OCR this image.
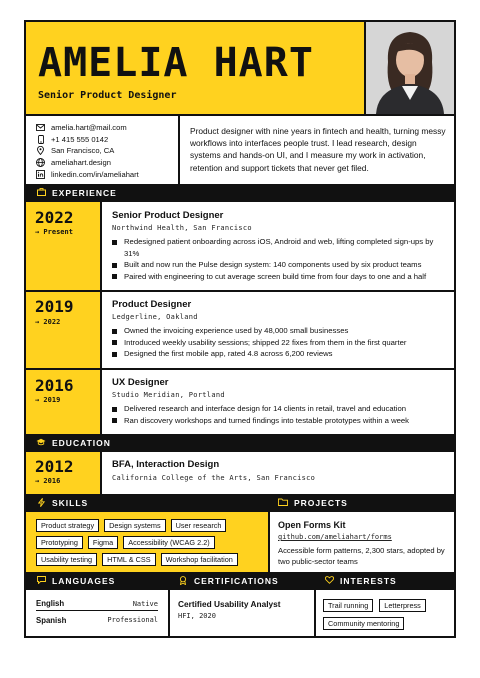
AMELIA HART
Senior Product Designer
amelia.hart@mail.com
+1 415 555 0142
San Francisco, CA
ameliahart.design
linkedin.com/in/ameliahart
Product designer with nine years in fintech and health, turning messy workflows into interfaces people trust. I lead research, design systems and hands-on UI, and I measure my work in activation, retention and support tickets that never get filed.
EXPERIENCE
2022
→ Present
Senior Product Designer
Northwind Health, San Francisco
Redesigned patient onboarding across iOS, Android and web, lifting completed sign-ups by 31%
Built and now run the Pulse design system: 140 components used by six product teams
Paired with engineering to cut average screen build time from four days to one and a half
2019
→ 2022
Product Designer
Ledgerline, Oakland
Owned the invoicing experience used by 48,000 small businesses
Introduced weekly usability sessions; shipped 22 fixes from them in the first quarter
Designed the first mobile app, rated 4.8 across 6,200 reviews
2016
→ 2019
UX Designer
Studio Meridian, Portland
Delivered research and interface design for 14 clients in retail, travel and education
Ran discovery workshops and turned findings into testable prototypes within a week
EDUCATION
2012
→ 2016
BFA, Interaction Design
California College of the Arts, San Francisco
SKILLS	PROJECTS
Product strategy	Design systems	User research
Prototyping	Figma	Accessibility (WCAG 2.2)
Usability testing	HTML & CSS	Workshop facilitation
Open Forms Kit
github.com/ameliahart/forms
Accessible form patterns, 2,300 stars, adopted by two public-sector teams
LANGUAGES	CERTIFICATIONS	INTERESTS
English	Native
Spanish	Professional
Certified Usability Analyst
HFI, 2020
Trail running	Letterpress
Community mentoring
